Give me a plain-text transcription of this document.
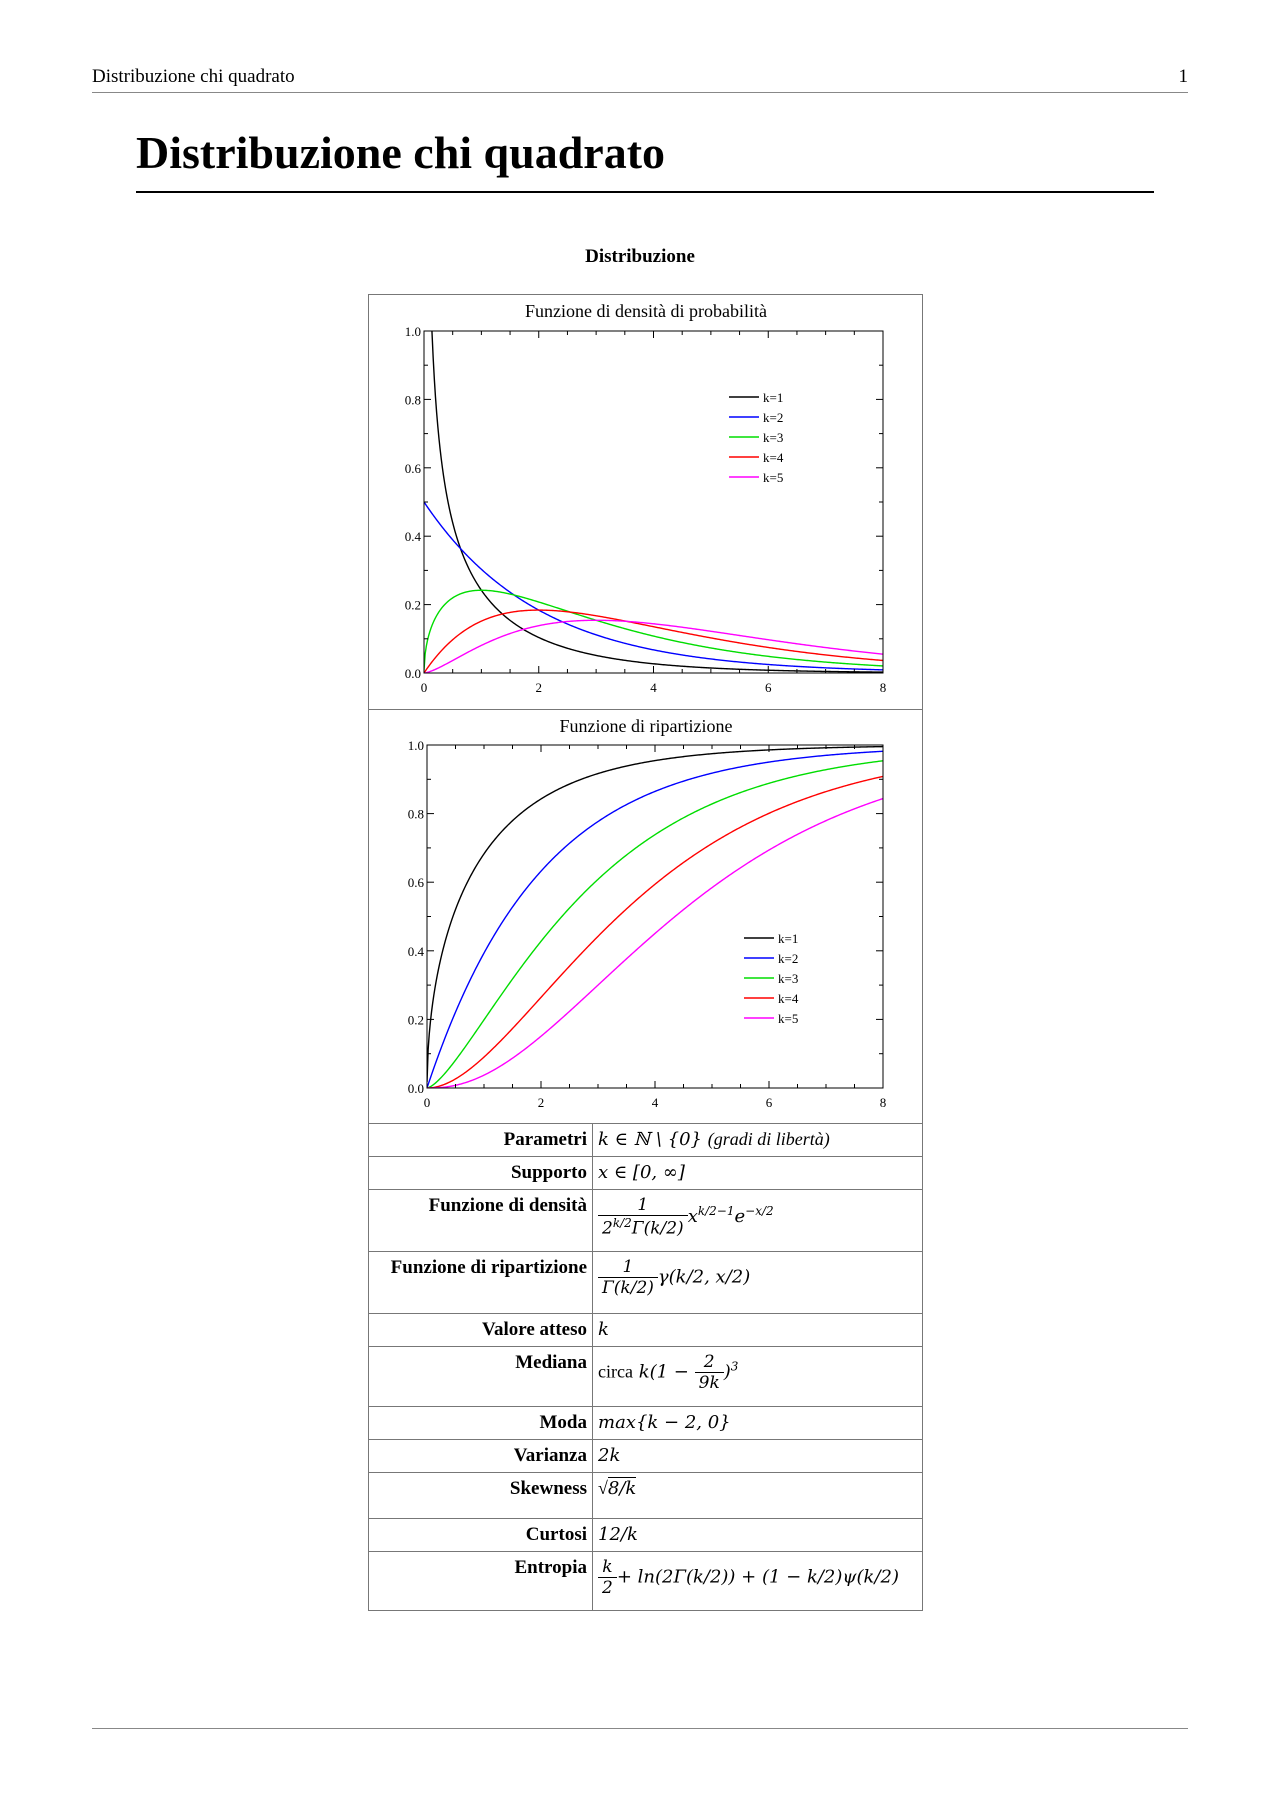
Distribuzione chi quadrato	1
Distribuzione chi quadrato
Distribuzione
Funzione di densità di probabilità
0.0
0.2
0.4
0.6
0.8
1.0
0	2	4	6	8
k=1
k=2
k=3
k=4
k=5
Funzione di ripartizione
0.0
0.2
0.4
0.6
0.8
1.0
0	2	4	6	8
k=1
k=2
k=3
k=4
k=5
Parametri	k ∈ ℕ \ {0} (gradi di libertà)
Supporto	x ∈ [0, ∞]
Funzione di densità	$\frac{1}{2^{k/2}\Gamma(k/2)} x^{k/2-1}e^{-x/2}$
Funzione di ripartizione	$\frac{1}{\Gamma(k/2)} \gamma(k/2$, x/2)
Valore atteso	k
Mediana	circa $k(1 - \frac{2}{9k} )^3$
Moda	max{k − 2, 0}
Varianza	2k
Skewness	√8/k
Curtosi	12/k
Entropia	$\frac{k}{2} + \ln(2\Gamma(k/2)) + (1 - k/2)\psi(k/2)$
